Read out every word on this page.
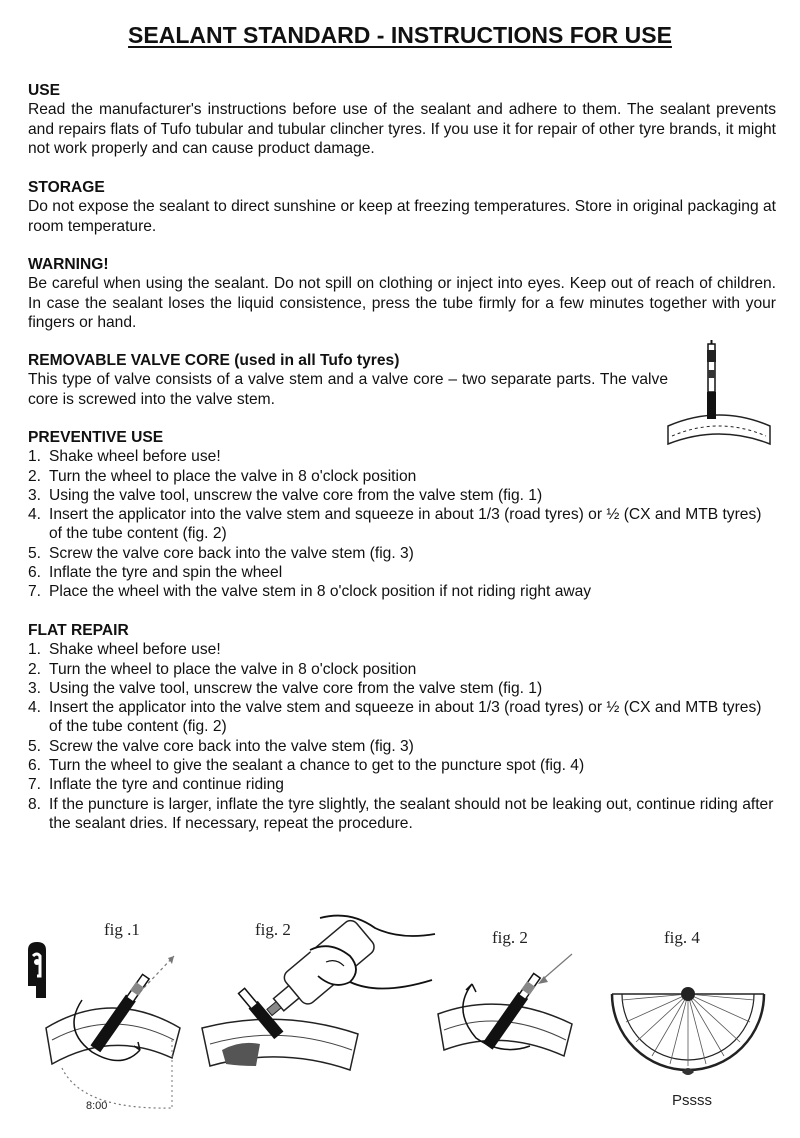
SEALANT STANDARD - INSTRUCTIONS FOR USE
USE

Read the manufacturer's instructions before use of the sealant and adhere to them. The sealant prevents and repairs flats of Tufo tubular and tubular clincher tyres. If you use it for repair of other tyre brands, it might not work properly and can cause product damage.

STORAGE

Do not expose the sealant to direct sunshine or keep at freezing temperatures. Store in original packaging at room temperature.

WARNING!

Be careful when using the sealant. Do not spill on clothing or inject into eyes. Keep out of reach of children. In case the sealant loses the liquid consistence, press the tube firmly for a few minutes together with your fingers or hand.

REMOVABLE VALVE CORE (used in all Tufo tyres)

This type of valve consists of a valve stem and a valve core – two separate parts. The valve core is screwed into the valve stem.

PREVENTIVE USE
1. Shake wheel before use!
2. Turn the wheel to place the valve in 8 o'clock position
3. Using the valve tool, unscrew the valve core from the valve stem (fig. 1)
4. Insert the applicator into the valve stem and squeeze in about 1/3 (road tyres) or ½ (CX and MTB tyres) of the tube content (fig. 2)
5. Screw the valve core back into the valve stem (fig. 3)
6. Inflate the tyre and spin the wheel
7. Place the wheel with the valve stem in 8 o'clock position if not riding right away
FLAT REPAIR
1. Shake wheel before use!
2. Turn the wheel to place the valve in 8 o'clock position
3. Using the valve tool, unscrew the valve core from the valve stem (fig. 1)
4. Insert the applicator into the valve stem and squeeze in about 1/3 (road tyres) or ½ (CX and MTB tyres) of the tube content (fig. 2)
5. Screw the valve core back into the valve stem (fig. 3)
6. Turn the wheel to give the sealant a chance to get to the puncture spot (fig. 4)
7. Inflate the tyre and continue riding
8. If the puncture is larger, inflate the tyre slightly, the sealant should not be leaking out, continue riding after the sealant dries. If necessary, repeat the procedure.
fig .1
8:00
fig. 2	fig. 2	fig. 4
Pssss
